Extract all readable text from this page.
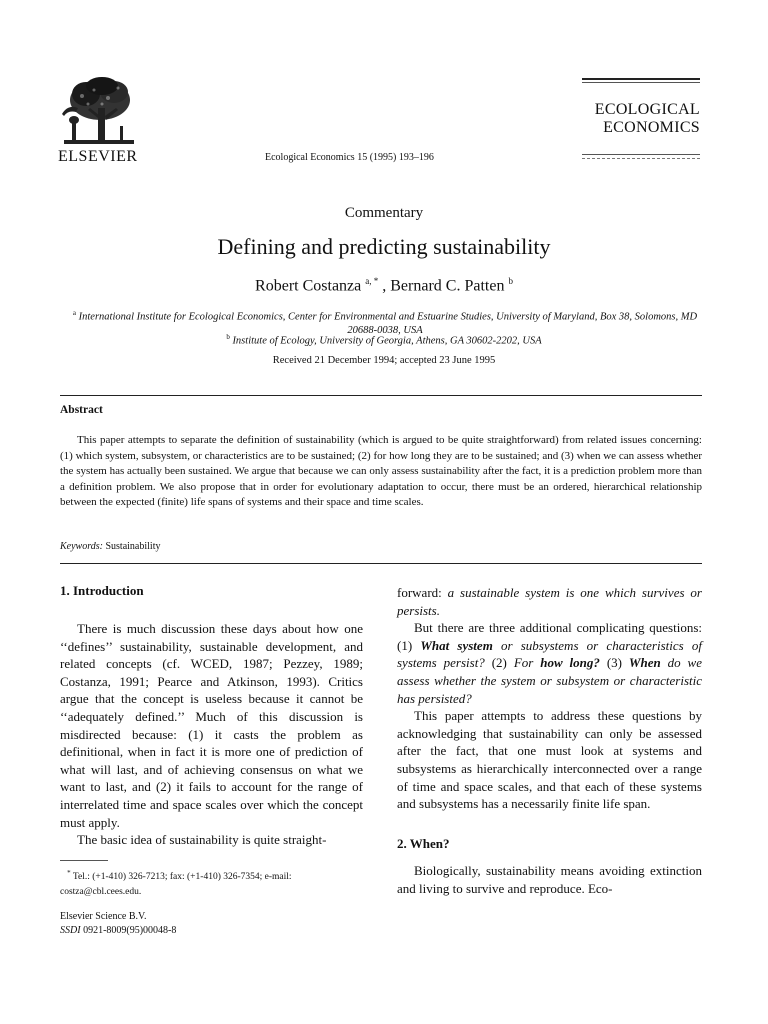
ELSEVIER	Ecological Economics 15 (1995) 193–196
ECOLOGICAL
ECONOMICS
Commentary
Defining and predicting sustainability
Robert Costanza $^{a, *}$ , Bernard C. Patten $^b$
$^a$ International Institute for Ecological Economics, Center for Environmental and Estuarine Studies, University of Maryland, Box 38, Solomons, MD 20688-0038, USA
$^b$ Institute of Ecology, University of Georgia, Athens, GA 30602-2202, USA
Received 21 December 1994; accepted 23 June 1995
Abstract

This paper attempts to separate the definition of sustainability (which is argued to be quite straightforward) from related issues concerning: (1) which system, subsystem, or characteristics are to be sustained; (2) for how long they are to be sustained; and (3) when we can assess whether the system has actually been sustained. We argue that because we can only assess sustainability after the fact, it is a prediction problem more than a definition problem. We also propose that in order for evolutionary adaptation to occur, there must be an ordered, hierarchical relationship between the expected (finite) life spans of systems and their space and time scales.

Keywords: Sustainability
1. Introduction

There is much discussion these days about how one ‘‘defines’’ sustainability, sustainable development, and related concepts (cf. WCED, 1987; Pezzey, 1989; Costanza, 1991; Pearce and Atkinson, 1993). Critics argue that the concept is useless because it cannot be ‘‘adequately defined.’’ Much of this discussion is misdirected because: (1) it casts the problem as definitional, when in fact it is more one of prediction of what will last, and of achieving consensus on what we want to last, and (2) it fails to account for the range of interrelated time and space scales over which the concept must apply.

The basic idea of sustainability is quite straight-

* Tel.: (+1-410) 326-7213; fax: (+1-410) 326-7354; e-mail: costza@cbl.cees.edu.
Elsevier Science B.V.
SSDI 0921-8009(95)00048-8

forward: a sustainable system is one which survives or persists.

But there are three additional complicating questions: (1) What system or subsystems or characteristics of systems persist? (2) For how long? (3) When do we assess whether the system or subsystem or characteristic has persisted?

This paper attempts to address these questions by acknowledging that sustainability can only be assessed after the fact, that one must look at systems and subsystems as hierarchically interconnected over a range of time and space scales, and that each of these systems and subsystems has a necessarily finite life span.

2. When?

Biologically, sustainability means avoiding extinction and living to survive and reproduce. Eco-
